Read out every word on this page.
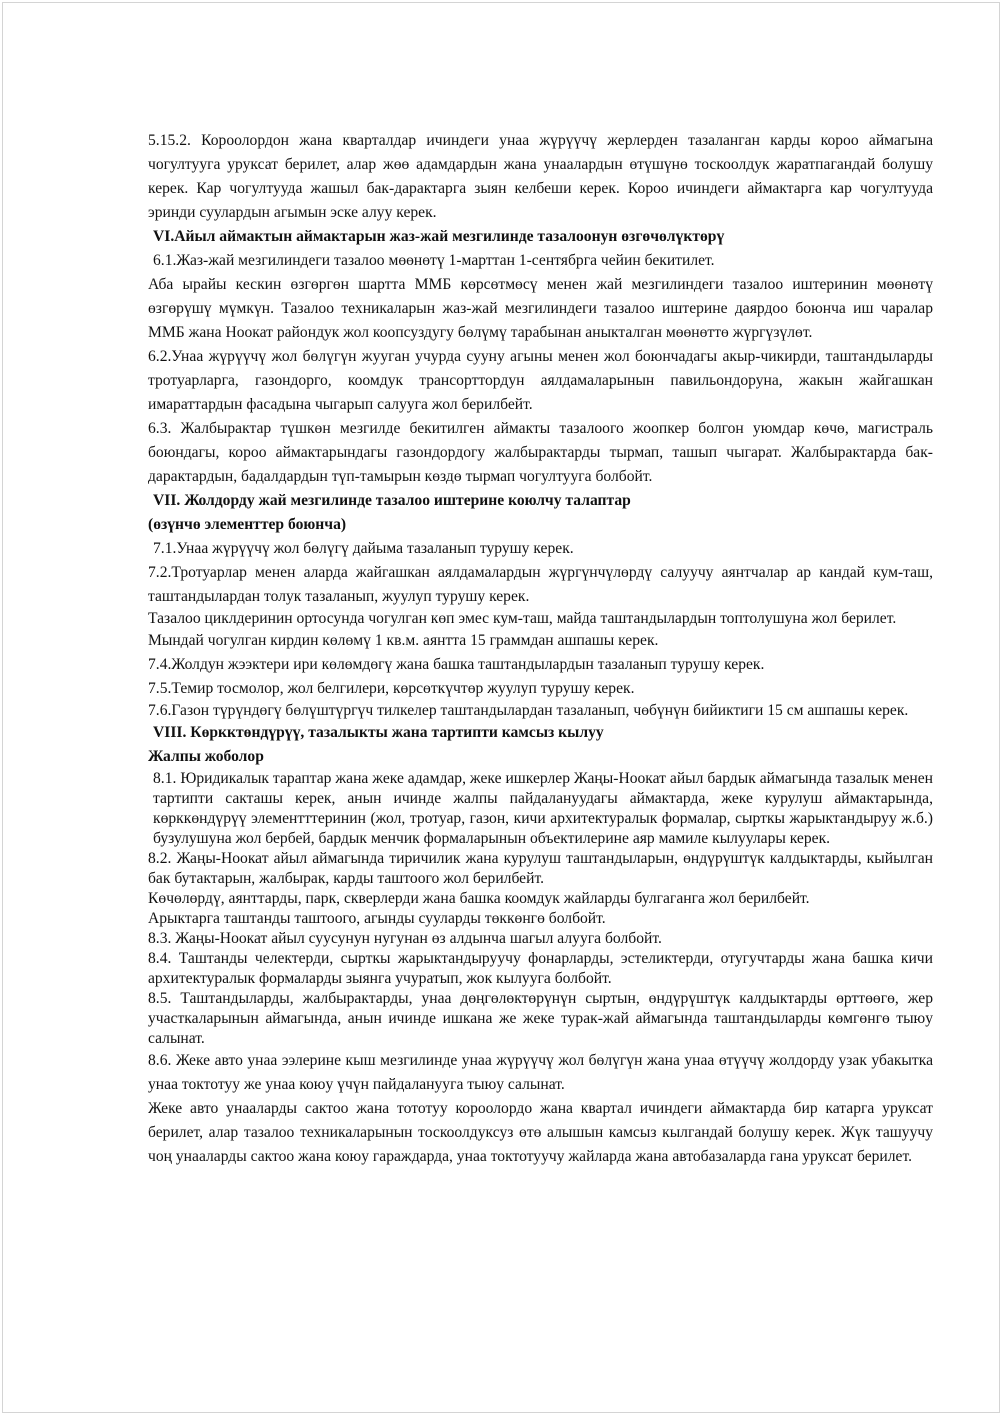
5.15.2. Короолордон жана кварталдар ичиндеги унаа жүрүүчү жерлерден тазаланган карды короо аймагына чогултууга уруксат берилет, алар жөө адамдардын жана унаалардын өтүшүнө тоскоолдук жаратпагандай болушу керек. Кар чогултууда жашыл бак-дарактарга зыян келбеши керек. Короо ичиндеги аймактарга кар чогултууда эринди суулардын агымын эске алуу керек.

VI.Айыл аймактын аймактарын жаз-жай мезгилинде тазалоонун өзгөчөлүктөрү

6.1.Жаз-жай мезгилиндеги тазалоо мөөнөтү 1-марттан 1-сентябрга чейин бекитилет.

Аба ырайы кескин өзгөргөн шартта ММБ көрсөтмөсү менен жай мезгилиндеги тазалоо иштеринин мөөнөтү өзгөрүшү мүмкүн. Тазалоо техникаларын жаз-жай мезгилиндеги тазалоо иштерине даярдоо боюнча иш чаралар ММБ жана Ноокат райондук жол коопсуздугу бөлүмү тарабынан аныкталган мөөнөттө жүргүзүлөт.

6.2.Унаа жүрүүчү жол бөлүгүн жууган учурда сууну агыны менен жол боюнчадагы акыр-чикирди, таштандыларды тротуарларга, газондорго, коомдук трансорттордун аялдамаларынын павильондоруна, жакын жайгашкан имараттардын фасадына чыгарып салууга жол берилбейт.

6.3. Жалбырактар түшкөн мезгилде бекитилген аймакты тазалоого жоопкер болгон уюмдар көчө, магистраль боюндагы, короо аймактарындагы газондордогу жалбырактарды тырмап, ташып чыгарат. Жалбырактарда бак-дарактардын, бадалдардын түп-тамырын көздө тырмап чогултууга болбойт.

VII. Жолдорду жай мезгилинде тазалоо иштерине коюлчу талаптар

(өзүнчө элементтер боюнча)

7.1.Унаа жүрүүчү жол бөлүгү дайыма тазаланып турушу керек.

7.2.Тротуарлар менен аларда жайгашкан аялдамалардын жүргүнчүлөрдү салуучу аянтчалар ар кандай кум-таш, таштандылардан толук тазаланып, жуулуп турушу керек.

Тазалоо циклдеринин ортосунда чогулган көп эмес кум-таш, майда таштандылардын топтолушуна жол берилет.

Мындай чогулган кирдин көлөмү 1 кв.м. аянтта 15 граммдан ашпашы керек.

7.4.Жолдун жээктери ири көлөмдөгү жана башка таштандылардын тазаланып турушу керек.

7.5.Темир тосмолор, жол белгилери, көрсөткүчтөр жуулуп турушу керек.

7.6.Газон түрүндөгү бөлүштүргүч тилкелер таштандылардан тазаланып, чөбүнүн бийиктиги 15 см ашпашы керек.

VIII. Көркктөндүрүү, тазалыкты жана тартипти камсыз кылуу

Жалпы жоболор

8.1. Юридикалык тараптар жана жеке адамдар, жеке ишкерлер Жаңы-Ноокат айыл бардык аймагында тазалык менен тартипти сакташы керек, анын ичинде жалпы пайдалануудагы аймактарда, жеке курулуш аймактарында, көрккөндүрүү элементттеринин (жол, тротуар, газон, кичи архитектуралык формалар, сырткы жарыктандыруу ж.б.) бузулушуна жол бербей, бардык менчик формаларынын объектилерине аяр мамиле кылуулары керек.

8.2. Жаңы-Ноокат айыл аймагында тиричилик жана курулуш таштандыларын, өндүрүштүк калдыктарды, кыйылган бак бутактарын, жалбырак, карды таштоого жол берилбейт.

Көчөлөрдү, аянттарды, парк, скверлерди жана башка коомдук жайларды булгаганга жол берилбейт.

Арыктарга таштанды таштоого, агынды сууларды төккөнгө болбойт.

8.3. Жаңы-Ноокат айыл суусунун нугунан өз алдынча шагыл алууга болбойт.

8.4. Таштанды челектерди, сырткы жарыктандыруучу фонарларды, эстеликтерди, отугучтарды жана башка кичи архитектуралык формаларды зыянга учуратып, жок кылууга болбойт.

8.5. Таштандыларды, жалбырактарды, унаа дөңгөлөктөрүнүн сыртын, өндүрүштүк калдыктарды өрттөөгө, жер участкаларынын аймагында, анын ичинде ишкана же жеке турак-жай аймагында таштандыларды көмгөнгө тыюу салынат.

8.6. Жеке авто унаа ээлерине кыш мезгилинде унаа жүрүүчү жол бөлүгүн жана унаа өтүүчү жолдорду узак убакытка унаа токтотуу же унаа коюу үчүн пайдаланууга тыюу салынат.

Жеке авто унааларды сактоо жана тототуу короолордо жана квартал ичиндеги аймактарда бир катарга уруксат берилет, алар тазалоо техникаларынын тоскоолдуксуз өтө алышын камсыз кылгандай болушу керек. Жүк ташуучу чоң унааларды сактоо жана коюу гараждарда, унаа токтотуучу жайларда жана автобазаларда гана уруксат берилет.
